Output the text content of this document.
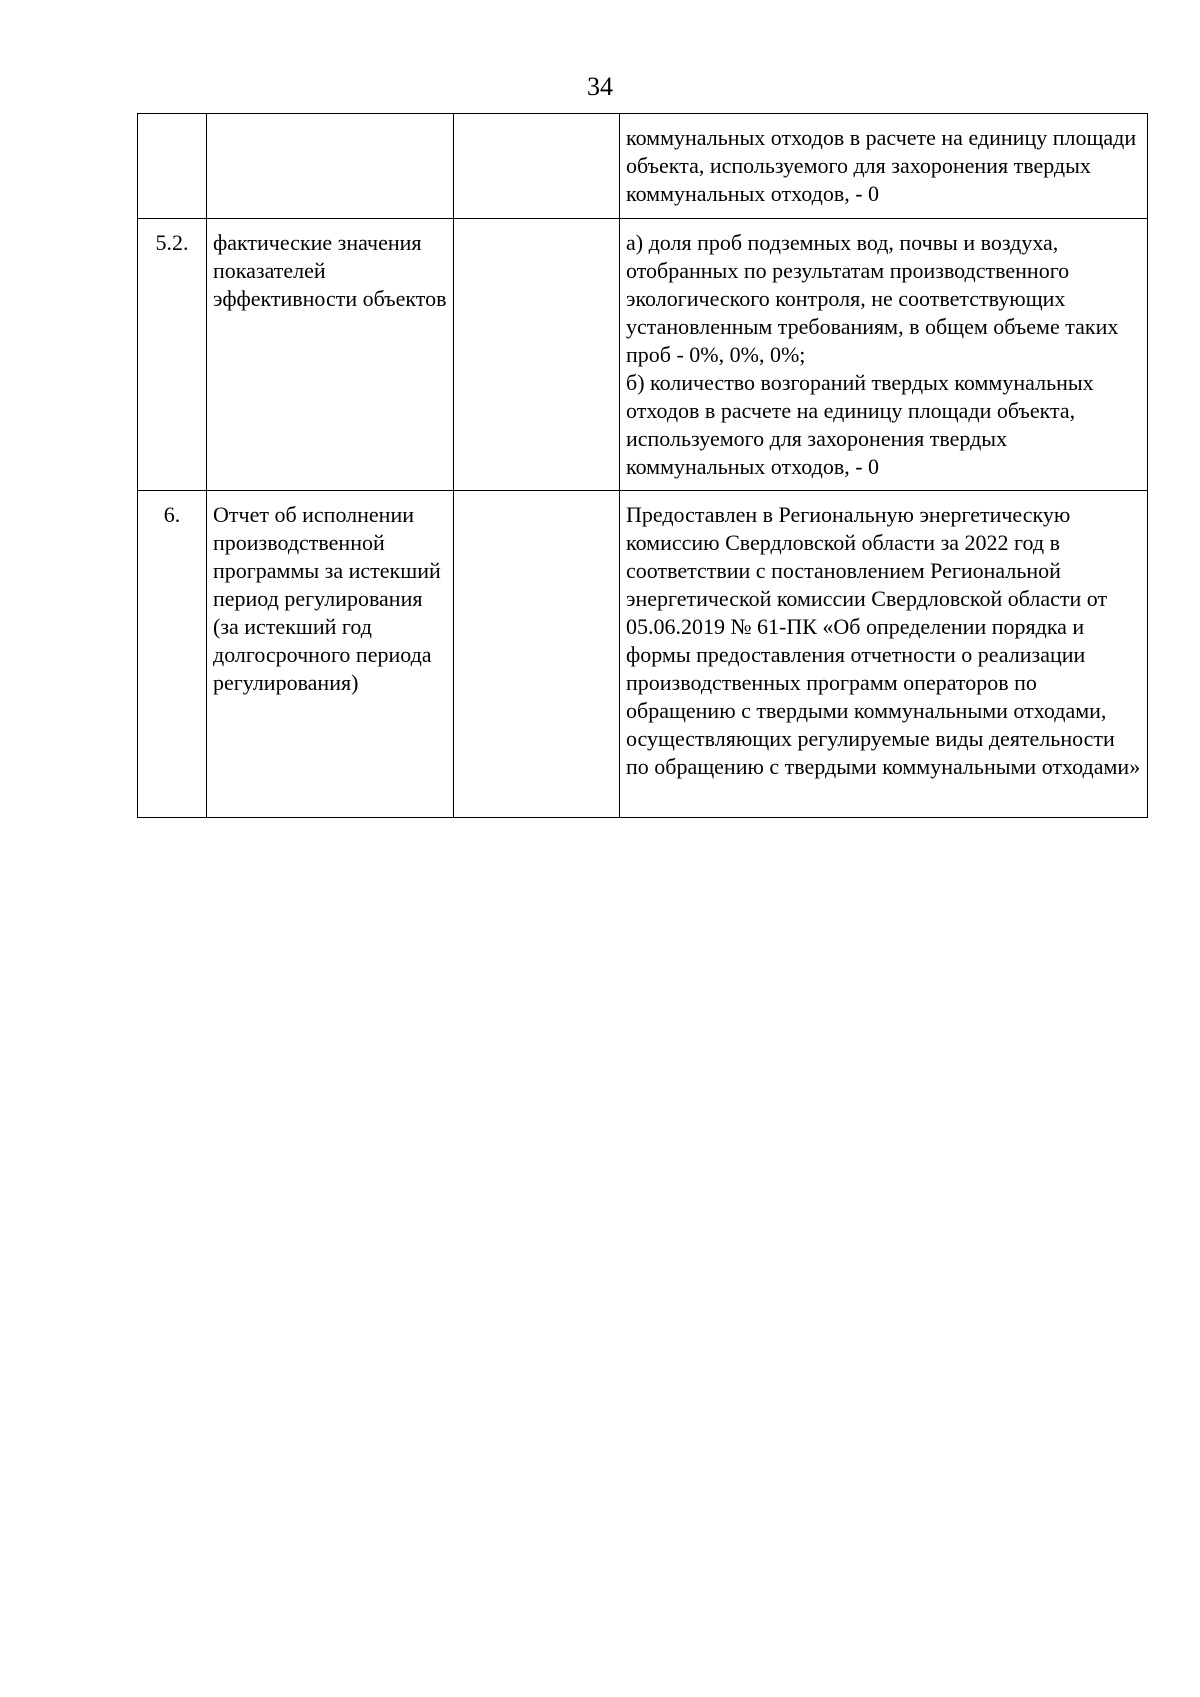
34
			коммунальных отходов в расчете на единицу площади объекта, используемого для захоронения твердых коммунальных отходов, - 0
5.2.	фактические значения показателей эффективности объектов		а) доля проб подземных вод, почвы и воздуха, отобранных по результатам производственного экологического контроля, не соответствующих установленным требованиям, в общем объеме таких проб - 0%, 0%, 0%;
б) количество возгораний твердых коммунальных отходов в расчете на единицу площади объекта, используемого для захоронения твердых коммунальных отходов, - 0
6.	Отчет об исполнении производственной программы за истекший период регулирования (за истекший год долгосрочного периода регулирования)		Предоставлен в Региональную энергетическую комиссию Свердловской области за 2022 год в соответствии с постановлением Региональной энергетической комиссии Свердловской области от 05.06.2019 № 61-ПК «Об определении порядка и формы предоставления отчетности о реализации производственных программ операторов по обращению с твердыми коммунальными отходами, осуществляющих регулируемые виды деятельности по обращению с твердыми коммунальными отходами»
